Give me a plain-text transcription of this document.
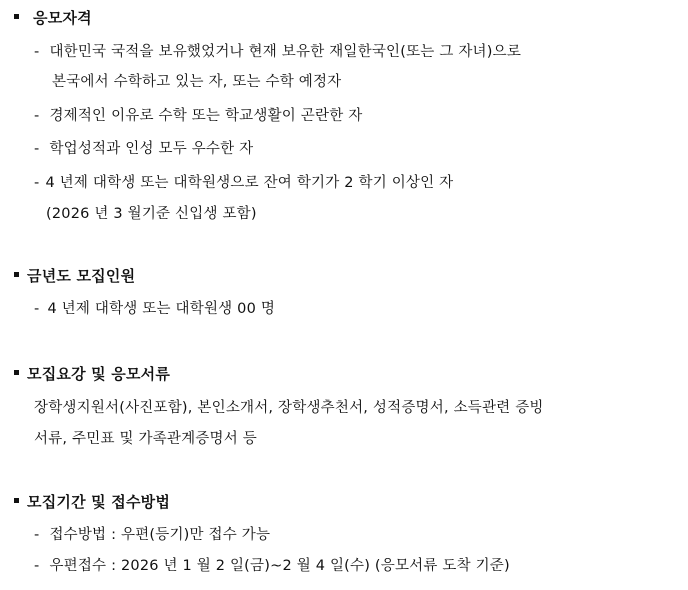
응모자격
- 대한민국 국적을 보유했었거나 현재 보유한 재일한국인(또는 그 자녀)으로
본국에서 수학하고 있는 자, 또는 수학 예정자
- 경제적인 이유로 수학 또는 학교생활이 곤란한 자
- 학업성적과 인성 모두 우수한 자
- 4 년제 대학생 또는 대학원생으로 잔여 학기가 2 학기 이상인 자
(2026 년 3 월기준 신입생 포함)
금년도 모집인원
- 4 년제 대학생 또는 대학원생 00 명
모집요강 및 응모서류
장학생지원서(사진포함), 본인소개서, 장학생추천서, 성적증명서, 소득관련 증빙
서류, 주민표 및 가족관계증명서 등
모집기간 및 접수방법
- 접수방법 : 우편(등기)만 접수 가능
- 우편접수 : 2026 년 1 월 2 일(금)~2 월 4 일(수) (응모서류 도착 기준)
